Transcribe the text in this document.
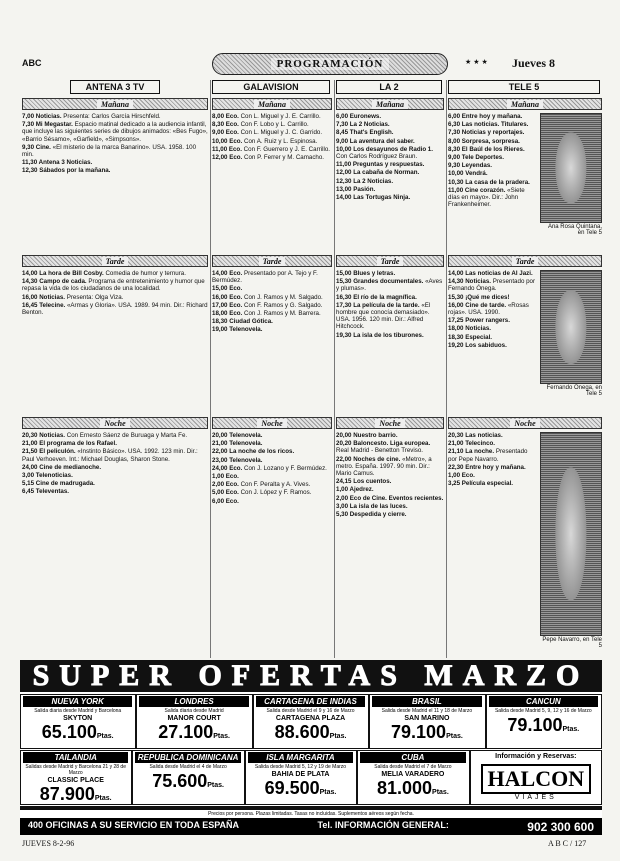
ABC	PROGRAMACIÓN	★★★ Jueves 8
ANTENA 3 TV
Mañana
7,00 Noticias. Presenta: Carlos García Hirschfeld.
7,30 Mi Megastar. Espacio matinal dedicado a la audiencia infantil, que incluye las siguientes series de dibujos animados: «Bes Fugo», «Barrio Sésamo», «Garfield», «Simpsons».
9,30 Cine. «El misterio de la marca Banarino». USA. 1958. 100 min.
11,30 Antena 3 Noticias.
12,30 Sábados por la mañana.
Tarde
14,00 La hora de Bill Cosby. Comedia de humor y ternura.
14,30 Campo de cada. Programa de entretenimiento y humor que repasa la vida de los ciudadanos de una localidad.
16,00 Noticias. Presenta: Olga Viza.
16,45 Telecine. «Armas y Gloria». USA. 1989. 94 min. Dir.: Richard Benton.
Noche
20,30 Noticias. Con Ernesto Sáenz de Buruaga y Marta Fe.
21,00 El programa de los Rafael.
21,50 El peliculón. «Instinto Básico». USA. 1992. 123 min. Dir.: Paul Verhoeven. Int.: Michael Douglas, Sharon Stone.
24,00 Cine de medianoche.
3,00 Telenoticias.
5,15 Cine de madrugada.
6,45 Televentas.
GALAVISION
Mañana
8,00 Eco. Con L. Miguel y J. E. Carrillo.
8,30 Eco. Con F. Lobo y L. Carrillo.
9,00 Eco. Con L. Miguel y J. C. Garrido.
10,00 Eco. Con A. Ruiz y L. Espinosa.
11,00 Eco. Con F. Guerrero y J. E. Carrillo.
12,00 Eco. Con P. Ferrer y M. Camacho.
Tarde
14,00 Eco. Presentado por A. Tejo y F. Bermúdez.
15,00 Eco.
16,00 Eco. Con J. Ramos y M. Salgado.
17,00 Eco. Con F. Ramos y G. Salgado.
18,00 Eco. Con J. Ramos y M. Barrera.
18,30 Ciudad Gótica.
19,00 Telenovela.
Noche
20,00 Telenovela.
21,00 Telenovela.
22,00 La noche de los ricos.
23,00 Telenovela.
24,00 Eco. Con J. Lozano y F. Bermúdez.
1,00 Eco.
2,00 Eco. Con F. Peralta y A. Vives.
5,00 Eco. Con J. López y F. Ramos.
6,00 Eco.
LA 2
Mañana
6,00 Euronews.
7,30 La 2 Noticias.
8,45 That's English.
9,00 La aventura del saber.
10,00 Los desayunos de Radio 1. Con Carlos Rodríguez Braun.
11,00 Preguntas y respuestas.
12,00 La cabaña de Norman.
12,30 La 2 Noticias.
13,00 Pasión.
14,00 Las Tortugas Ninja.
Tarde
15,00 Blues y letras.
15,30 Grandes documentales. «Aves y plumas».
16,30 El río de la magnífica.
17,30 La película de la tarde. «El hombre que conocía demasiado». USA. 1956. 120 min. Dir.: Alfred Hitchcock.
19,30 La isla de los tiburones.
Noche
20,00 Nuestro barrio.
20,20 Baloncesto. Liga europea. Real Madrid - Benetton Treviso.
22,00 Noches de cine. «Metro», a metro. España. 1997. 90 min. Dir.: Mario Camus.
24,15 Los cuentos.
1,00 Ajedrez.
2,00 Eco de Cine. Eventos recientes.
3,00 La isla de las luces.
5,30 Despedida y cierre.
TELE 5
Mañana
6,00 Entre hoy y mañana.
6,30 Las noticias. Titulares.
7,30 Noticias y reportajes.
8,00 Sorpresa, sorpresa.
8,30 El Baúl de los Rieres.
9,00 Tele Deportes.
9,30 Leyendas.
10,00 Vendrá.
10,30 La casa de la pradera.
11,00 Cine corazón. «Siete días en mayo». Dir.: John Frankenheimer.
Ana Rosa Quintana, en Tele 5
Tarde
14,00 Las noticias de Al Jazi.
14,30 Noticias. Presentado por Fernando Ónega.
15,30 ¡Qué me dices!
16,00 Cine de tarde. «Rosas rojas». USA. 1990.
17,25 Power rangers.
18,00 Noticias.
18,30 Especial.
19,20 Los sabiduos.
Fernando Ónega, en Tele 5
Noche
20,30 Las noticias.
21,00 Telecinco.
21,10 La noche. Presentado por Pepe Navarro.
22,30 Entre hoy y mañana.
1,00 Eco.
3,25 Película especial.
Pepe Navarro, en Tele 5
SUPER OFERTAS MARZO
NUEVA YORK
Salida diaria desde Madrid y Barcelona
SKYTON
65.100Ptas.
LONDRES
Salida diaria desde Madrid
MANOR COURT
27.100Ptas.
CARTAGENA DE INDIAS
Salida desde Madrid el 9 y 16 de Marzo
CARTAGENA PLAZA
88.600Ptas.
BRASIL
Salida desde Madrid el 11 y 18 de Marzo
SAN MARINO
79.100Ptas.
CANCUN
Salida desde Madrid 5, 9, 12 y 16 de Marzo
79.100Ptas.
TAILANDIA
Salidas desde Madrid y Barcelona 21 y 28 de Marzo
CLASSIC PLACE
87.900Ptas.
REPUBLICA DOMINICANA
Salida desde Madrid el 4 de Marzo
75.600Ptas.
ISLA MARGARITA
Salida desde Madrid 5, 12 y 19 de Marzo
BAHIA DE PLATA
69.500Ptas.
CUBA
Salida desde Madrid el 7 de Marzo
MELIA VARADERO
81.000Ptas.
Información y Reservas:
HALCON
VIAJES
Precios por persona. Plazas limitadas. Tasas no incluidas. Suplementos aéreos según fecha.
400 OFICINAS A SU SERVICIO EN TODA ESPAÑA	Tel. INFORMACIÓN GENERAL:	902 300 600
JUEVES 8-2-96	A B C / 127
